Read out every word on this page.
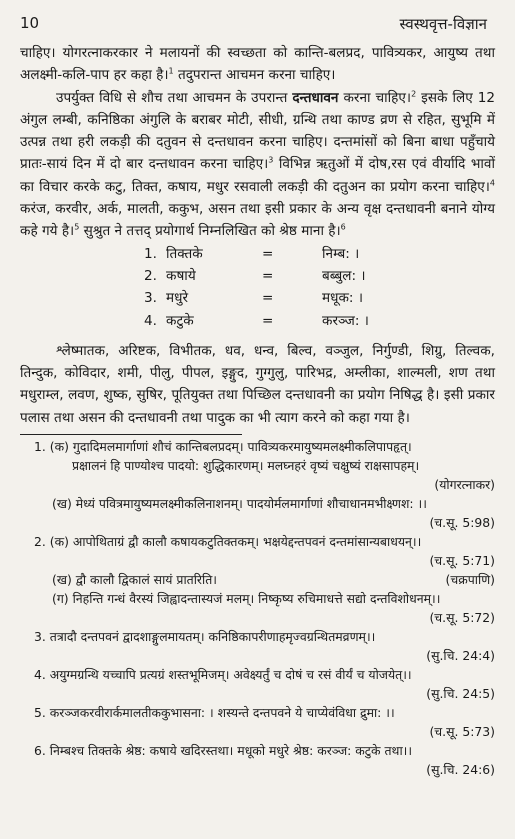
10	स्वस्थवृत्त-विज्ञान

चाहिए। योगरत्नाकरकार ने मलायनों की स्वच्छता को कान्ति-बलप्रद, पावित्र्यकर, आयुष्य तथा अलक्ष्मी-कलि-पाप हर कहा है।$^1$ तदुपरान्त आचमन करना चाहिए।

उपर्युक्त विधि से शौच तथा आचमन के उपरान्त दन्तधावन करना चाहिए।$^2$ इसके लिए 12 अंगुल लम्बी, कनिष्ठिका अंगुलि के बराबर मोटी, सीधी, ग्रन्थि तथा काण्ड व्रण से रहित, सुभूमि में उत्पन्न तथा हरी लकड़ी की दतुवन से दन्तधावन करना चाहिए। दन्तमांसों को बिना बाधा पहुँचाये प्रातः-सायं दिन में दो बार दन्तधावन करना चाहिए।$^3$ विभिन्न ऋतुओं में दोष,रस एवं वीर्यादि भावों का विचार करके कटु, तिक्त, कषाय, मधुर रसवाली लकड़ी की दतुअन का प्रयोग करना चाहिए।$^4$ करंज, करवीर, अर्क, मालती, ककुभ, असन तथा इसी प्रकार के अन्य वृक्ष दन्तधावनी बनाने योग्य कहे गये है।$^5$ सुश्रुत ने तत्तद् प्रयोगार्थ निम्नलिखित को श्रेष्ठ माना है।$^6$

1. तिक्तके	=	निम्ब: ।
2. कषाये	=	बब्बुल: ।
3. मधुरे	=	मधूक: ।
4. कटुके	=	करञ्ज: ।

श्लेष्मातक, अरिष्टक, विभीतक, धव, धन्व, बिल्व, वञ्जुल, निर्गुण्डी, शिग्रु, तिल्वक, तिन्दुक, कोविदार, शमी, पीलु, पीपल, इङ्गुद, गुग्गुलु, पारिभद्र, अम्लीका, शाल्मली, शण तथा मधुराम्ल, लवण, शुष्क, सुषिर, पूतियुक्त तथा पिच्छिल दन्तधावनी का प्रयोग निषिद्ध है। इसी प्रकार पलास तथा असन की दन्तधावनी तथा पादुक का भी त्याग करने को कहा गया है।

1. (क) गुदादिमलमार्गाणां शौचं कान्तिबलप्रदम्। पावित्र्यकरमायुष्यमलक्ष्मीकलिपापहृत्।
प्रक्षालनं हि पाण्योश्च पादयो: शुद्धिकारणम्। मलघ्नहरं वृष्यं चक्षुष्यं राक्षसापहम्।
(योगरत्नाकर)
(ख) मेध्यं पवित्रमायुष्यमलक्ष्मीकलिनाशनम्। पादयोर्मलमार्गाणां शौचाधानमभीक्ष्णश: ।।
(च.सू. 5:98)
2. (क) आपोथिताग्रं द्वौ कालौ कषायकटुतिक्तकम्। भक्षयेद्दन्तपवनं दन्तमांसान्यबाधयन्।।
(च.सू. 5:71)
(ख) द्वौ कालौ द्विकालं सायं प्रातरिति।	(चक्रपाणि)
(ग) निहन्ति गन्धं वैरस्यं जिह्वादन्तास्यजं मलम्। निष्कृष्य रुचिमाधत्ते सद्यो दन्तविशोधनम्।।
(च.सू. 5:72)
3. तत्रादौ दन्तपवनं द्वादशाङ्गुलमायतम्। कनिष्ठिकापरीणाहमृज्वग्रन्थितमव्रणम्।।
(सु.चि. 24:4)
4. अयुग्मग्रन्थि यच्चापि प्रत्यग्रं शस्तभूमिजम्। अवेक्ष्यर्तुं च दोषं च रसं वीर्यं च योजयेत्।।
(सु.चि. 24:5)
5. करञ्जकरवीरार्कमालतीककुभासना: । शस्यन्ते दन्तपवने ये चाप्येवंविधा द्रुमा: ।।
(च.सू. 5:73)
6. निम्बश्च तिक्तके श्रेष्ठ: कषाये खदिरस्तथा। मधूको मधुरे श्रेष्ठ: करञ्ज: कटुके तथा।।
(सु.चि. 24:6)
